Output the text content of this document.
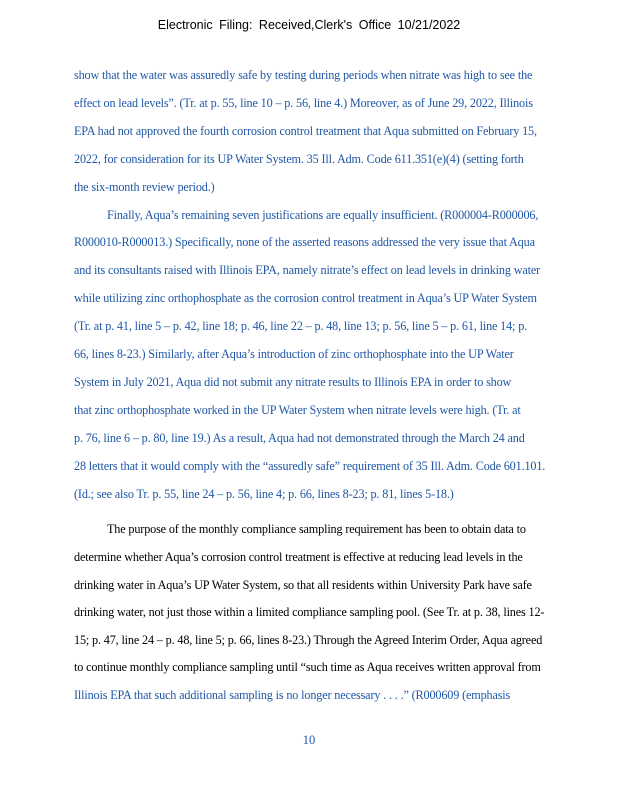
Electronic Filing: Received,Clerk's Office 10/21/2022
show that the water was assuredly safe by testing during periods when nitrate was high to see the
effect on lead levels”. (Tr. at p. 55, line 10 – p. 56, line 4.) Moreover, as of June 29, 2022, Illinois
EPA had not approved the fourth corrosion control treatment that Aqua submitted on February 15,
2022, for consideration for its UP Water System. 35 Ill. Adm. Code 611.351(e)(4) (setting forth
the six-month review period.)
Finally, Aqua’s remaining seven justifications are equally insufficient. (R000004-R000006,
R000010-R000013.) Specifically, none of the asserted reasons addressed the very issue that Aqua
and its consultants raised with Illinois EPA, namely nitrate’s effect on lead levels in drinking water
while utilizing zinc orthophosphate as the corrosion control treatment in Aqua’s UP Water System
(Tr. at p. 41, line 5 – p. 42, line 18; p. 46, line 22 – p. 48, line 13; p. 56, line 5 – p. 61, line 14; p.
66, lines 8-23.) Similarly, after Aqua’s introduction of zinc orthophosphate into the UP Water
System in July 2021, Aqua did not submit any nitrate results to Illinois EPA in order to show
that zinc orthophosphate worked in the UP Water System when nitrate levels were high. (Tr. at
p. 76, line 6 – p. 80, line 19.) As a result, Aqua had not demonstrated through the March 24 and
28 letters that it would comply with the “assuredly safe” requirement of 35 Ill. Adm. Code 601.101.
(Id.; see also Tr. p. 55, line 24 – p. 56, line 4; p. 66, lines 8-23; p. 81, lines 5-18.)
The purpose of the monthly compliance sampling requirement has been to obtain data to
determine whether Aqua’s corrosion control treatment is effective at reducing lead levels in the
drinking water in Aqua’s UP Water System, so that all residents within University Park have safe
drinking water, not just those within a limited compliance sampling pool. (See Tr. at p. 38, lines 12-
15; p. 47, line 24 – p. 48, line 5; p. 66, lines 8-23.) Through the Agreed Interim Order, Aqua agreed
to continue monthly compliance sampling until “such time as Aqua receives written approval from
Illinois EPA that such additional sampling is no longer necessary . . . .” (R000609 (emphasis
10
